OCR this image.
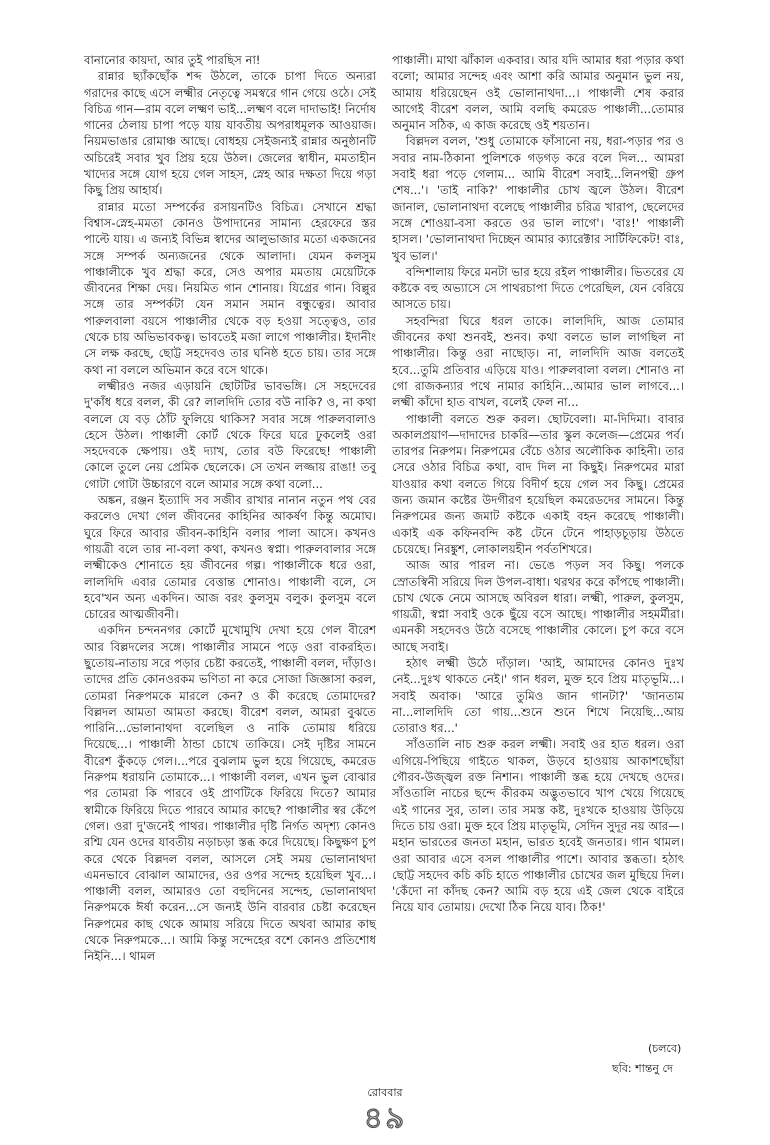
বানানোর কায়দা, আর তুই পারছিস না!

রান্নার ছ্যাঁকছোঁক শব্দ উঠলে, তাকে চাপা দিতে অন্যরা গরাদের কাছে এসে লক্ষ্মীর নেতৃত্বে সমস্বরে গান গেয়ে ওঠে। সেই বিচিত্র গান—রাম বলে লক্ষ্মণ ভাই...লক্ষ্মণ বলে দাদাভাই! নির্দোষ গানের ঠেলায় চাপা পড়ে যায় যাবতীয় অপরাধমূলক আওয়াজ। নিয়মভাঙার রোমাঞ্চ আছে। বোধহয় সেইজন্যই রান্নার অনুষ্ঠানটি অচিরেই সবার খুব প্রিয় হয়ে উঠল। জেলের স্বাধীন, মমতাহীন খাদ্যের সঙ্গে যোগ হয়ে গেল সাহস, স্নেহ আর দক্ষতা দিয়ে গড়া কিছু প্রিয় আহার্য।

রান্নার মতো সম্পর্কের রসায়নটিও বিচিত্র। সেখানে শ্রদ্ধা বিশ্বাস-স্নেহ-মমতা কোনও উপাদানের সামান্য হেরফেরে স্তর পাল্টে যায়। এ জন্যই বিভিন্ন স্বাদের আলুভাজার মতো একজনের সঙ্গে সম্পর্ক অন্যজনের থেকে আলাদা। যেমন কলসুম পাঞ্চালীকে খুব শ্রদ্ধা করে, সেও অপার মমতায় মেয়েটিকে জীবনের শিক্ষা দেয়। নিয়মিত গান শোনায়। যিগ্রের গান। বিল্লুর সঙ্গে তার সম্পর্কটা যেন সমান সমান বন্ধুত্বের। আবার পারুলবালা বয়সে পাঞ্চালীর থেকে বড় হওয়া সত্ত্বেও, তার থেকে চায় অভিভাবকত্ব। ভাবতেই মজা লাগে পাঞ্চালীর। ইদানীং সে লক্ষ করছে, ছোট্ট সহদেবও তার ঘনিষ্ঠ হতে চায়। তার সঙ্গে কথা না বললে অভিমান করে বসে থাকে।

লক্ষ্মীরও নজর এড়ায়নি ছোটটির ভাবভঙ্গি। সে সহদেবের দু'কাঁধ ধরে বলল, কী রে? লালদিদি তোর বউ নাকি? ও, না কথা বললে যে বড় ঠোঁট ফুলিয়ে থাকিস? সবার সঙ্গে পারুলবালাও হেসে উঠল। পাঞ্চালী কোর্ট থেকে ফিরে ঘরে ঢুকলেই ওরা সহদেবকে ক্ষেপায়। ওই দ্যাখ, তোর বউ ফিরেছে! পাঞ্চালী কোলে তুলে নেয় প্রেমিক ছেলেকে। সে তখন লজ্জায় রাঙা! তবু গোটা গোটা উচ্চারণে বলে আমার সঙ্গে কথা বলো...

অঙ্কন, রঞ্জন ইত্যাদি সব সজীব রাখার নানান নতুন পথ বের করলেও দেখা গেল জীবনের কাহিনির আকর্ষণ কিন্তু অমোঘ। ঘুরে ফিরে আবার জীবন-কাহিনি বলার পালা আসে। কখনও গায়ত্রী বলে তার না-বলা কথা, কখনও স্বপ্না। পারুলবালার সঙ্গে লক্ষ্মীকেও শোনাতে হয় জীবনের গল্প। পাঞ্চালীকে ধরে ওরা, লালদিদি এবার তোমার বেত্তান্ত শোনাও। পাঞ্চালী বলে, সে হবে'খন অন্য একদিন। আজ বরং কুলসুম বলুক। কুলসুম বলে চোরের আত্মজীবনী।

একদিন চন্দননগর কোর্টে মুখোমুখি দেখা হয়ে গেল বীরেশ আর বিল্লদলের সঙ্গে। পাঞ্চালীর সামনে পড়ে ওরা বাকরহিত। ছুতোয়-নাতায় সরে পড়ার চেষ্টা করতেই, পাঞ্চালী বলল, দাঁড়াও। তাদের প্রতি কোনওরকম ভণিতা না করে সোজা জিজ্ঞাসা করল, তোমরা নিরুপমকে মারলে কেন? ও কী করেছে তোমাদের? বিল্লদল আমতা আমতা করছে। বীরেশ বলল, আমরা বুঝতে পারিনি...ভোলানাথদা বলেছিল ও নাকি তোমায় ধরিয়ে দিয়েছে...। পাঞ্চালী ঠান্ডা চোখে তাকিয়ে। সেই দৃষ্টির সামনে বীরেশ কুঁকড়ে গেল।...পরে বুঝলাম ভুল হয়ে গিয়েছে, কমরেড নিরুপম ধরায়নি তোমাকে...। পাঞ্চালী বলল, এখন ভুল বোঝার পর তোমরা কি পারবে ওই প্রাণটিকে ফিরিয়ে দিতে? আমার স্বামীকে ফিরিয়ে দিতে পারবে আমার কাছে? পাঞ্চালীর স্বর কেঁপে গেল। ওরা দু'জনেই পাথর। পাঞ্চালীর দৃষ্টি নির্গত অদৃশ্য কোনও রশ্মি যেন ওদের যাবতীয় নড়াচড়া স্তব্ধ করে দিয়েছে। কিছুক্ষণ চুপ করে থেকে বিল্লদল বলল, আসলে সেই সময় ভোলানাথদা এমনভাবে বোঝাল আমাদের, ওর ওপর সন্দেহ হয়েছিল খুব...। পাঞ্চালী বলল, আমারও তো বহুদিনের সন্দেহ, ভোলানাথদা নিরুপমকে ঈর্ষা করেন...সে জন্যই উনি বারবার চেষ্টা করেছেন নিরুপমের কাছ থেকে আমায় সরিয়ে দিতে অথবা আমার কাছ থেকে নিরুপমকে...। আমি কিন্তু সন্দেহের বশে কোনও প্রতিশোধ নিইনি...। থামল

পাঞ্চালী। মাথা ঝাঁকাল একবার। আর যদি আমার ধরা পড়ার কথা বলো; আমার সন্দেহ এবং আশা করি আমার অনুমান ভুল নয়, আমায় ধরিয়েছেন ওই ভোলানাথদা...। পাঞ্চালী শেষ করার আগেই বীরেশ বলল, আমি বলছি কমরেড পাঞ্চালী...তোমার অনুমান সঠিক, এ কাজ করেছে ওই শয়তান।

বিল্লদল বলল, 'শুধু তোমাকে ফাঁসানো নয়, ধরা-পড়ার পর ও সবার নাম-ঠিকানা পুলিশকে গড়গড় করে বলে দিল... আমরা সবাই ধরা পড়ে গেলাম... আমি বীরেশ সবাই...লিনপন্থী গ্রুপ শেষ...'। 'তাই নাকি?' পাঞ্চালীর চোখ জ্বলে উঠল। বীরেশ জানাল, ভোলানাথদা বলেছে পাঞ্চালীর চরিত্র খারাপ, ছেলেদের সঙ্গে শোওয়া-বসা করতে ওর ভাল লাগে'। 'বাঃ!' পাঞ্চালী হাসল। 'ভোলানাথদা দিচ্ছেন আমার ক্যারেক্টার সার্টিফিকেট! বাঃ, খুব ভাল।'

বন্দিশালায় ফিরে মনটা ভার হয়ে রইল পাঞ্চালীর। ভিতরের যে কষ্টকে বহু অভ্যাসে সে পাথরচাপা দিতে পেরেছিল, যেন বেরিয়ে আসতে চায়।

সহবন্দিরা ঘিরে ধরল তাকে। লালদিদি, আজ তোমার জীবনের কথা শুনবই, শুনব। কথা বলতে ভাল লাগছিল না পাঞ্চালীর। কিন্তু ওরা নাছোড়। না, লালদিদি আজ বলতেই হবে...তুমি প্রতিবার এড়িয়ে যাও। পারুলবালা বলল। শোনাও না গো রাজকন্যার পথে নামার কাহিনি...আমার ভাল লাগবে...। লক্ষ্মী কাঁদো হাত বাখল, বলেই ফেল না...

পাঞ্চালী বলতে শুরু করল। ছোটবেলা। মা-দিদিমা। বাবার অকালপ্রয়াণ—দাদাদের চাকরি—তার স্কুল কলেজ—প্রেমের পর্ব। তারপর নিরুপম। নিরুপমের বেঁচে ওঠার অলৌকিক কাহিনী। তার সেরে ওঠার বিচিত্র কথা, বাদ দিল না কিছুই। নিরুপমের মারা যাওয়ার কথা বলতে গিয়ে বিদীর্ণ হয়ে গেল সব কিছু। প্রেমের জন্য জমান কষ্টের উদগীরণ হয়েছিল কমরেডদের সামনে। কিন্তু নিরুপমের জন্য জমাট কষ্টকে একাই বহন করেছে পাঞ্চালী। একাই এক কফিনবন্দি কষ্ট টেনে টেনে পাহাড়চূড়ায় উঠতে চেয়েছে। নিরঙ্কুশ, লোকালয়হীন পর্বতশিখরে।

আজ আর পারল না। ভেঙে পড়ল সব কিছু। পলকে স্রোতস্বিনী সরিয়ে দিল উপল-বাধা। থরথর করে কাঁপছে পাঞ্চালী। চোখ থেকে নেমে আসছে অবিরল ধারা। লক্ষ্মী, পারুল, কুলসুম, গায়ত্রী, স্বপ্না সবাই ওকে ছুঁয়ে বসে আছে। পাঞ্চালীর সহমর্মীরা। এমনকী সহদেবও উঠে বসেছে পাঞ্চালীর কোলে। চুপ করে বসে আছে সবাই।

হঠাৎ লক্ষ্মী উঠে দাঁড়াল। 'আই, আমাদের কোনও দুঃখ নেই...দুঃখ থাকতে নেই।' গান ধরল, মুক্ত হবে প্রিয় মাতৃভূমি...। সবাই অবাক। 'আরে তুমিও জান গানটা?' 'জানতাম না...লালদিদি তো গায়...শুনে শুনে শিখে নিয়েছি...আয় তোরাও ধর...'

সাঁওতালি নাচ শুরু করল লক্ষ্মী। সবাই ওর হাত ধরল। ওরা এগিয়ে-পিছিয়ে গাইতে থাকল, উড়বে হাওয়ায় আকাশছোঁয়া গৌরব-উজ্জ্বল রক্ত নিশান। পাঞ্চালী স্তব্ধ হয়ে দেখছে ওদের। সাঁওতালি নাচের ছন্দে কীরকম অদ্ভুতভাবে খাপ খেয়ে গিয়েছে এই গানের সুর, তাল। তার সমস্ত কষ্ট, দুঃখকে হাওয়ায় উড়িয়ে দিতে চায় ওরা। মুক্ত হবে প্রিয় মাতৃভূমি, সেদিন সুদূর নয় আর—। মহান ভারতের জনতা মহান, ভারত হবেই জনতার। গান থামল। ওরা আবার এসে বসল পাঞ্চালীর পাশে। আবার স্তব্ধতা। হঠাৎ ছোট্ট সহদেব কচি কচি হাতে পাঞ্চালীর চোখের জল মুছিয়ে দিল। 'কেঁদো না কাঁদছ কেন? আমি বড় হয়ে এই জেল থেকে বাইরে নিয়ে যাব তোমায়। দেখো ঠিক নিয়ে যাব। ঠিক!'

(চলবে)
ছবি: শান্তনু দে
রোববার
৪৯
